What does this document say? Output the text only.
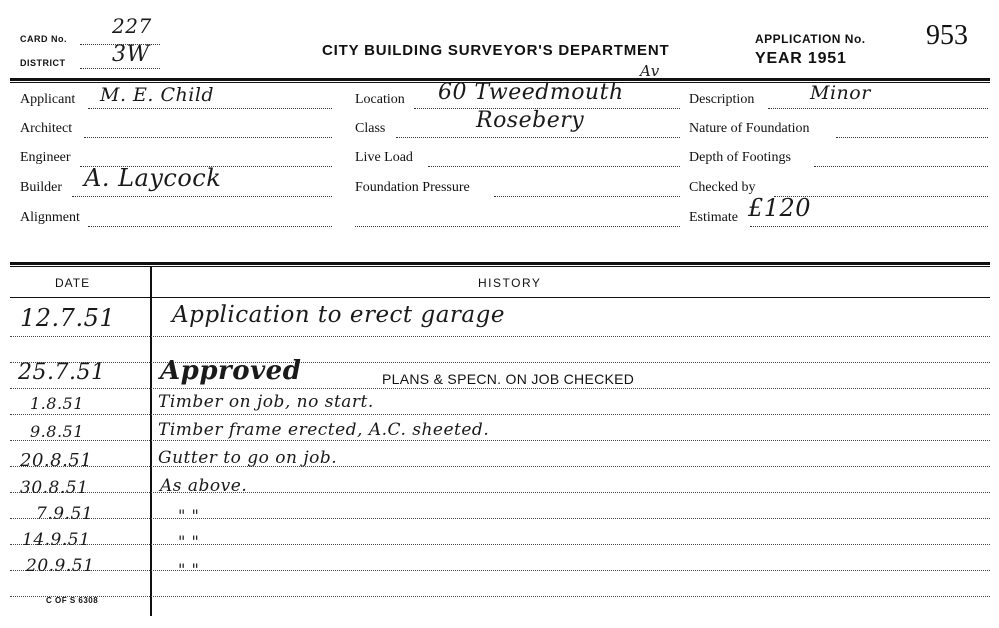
CARD No.
227
DISTRICT 3W	CITY BUILDING SURVEYOR'S DEPARTMENT
APPLICATION No. 953
YEAR 1951
Applicant M. E. Child
Architect
Engineer
Builder A. Laycock
Alignment
Location 60 Tweedmouth
Av
Class	Rosebery
Live Load
Foundation Pressure
Description	Minor
Nature of Foundation
Depth of Footings
Checked by
Estimate £120
DATE	HISTORY
12.7.51 Application to erect garage
25.7.51 Approved	PLANS & SPECN. ON JOB CHECKED
1.8.51	Timber on job, no start.
9.8.51	Timber frame erected, A.C. sheeted.
20.8.51	Gutter to go on job.
30.8.51	As above.
7.9.51	" "
14.9.51	" "
20.9.51	" "
C OF S 6308
